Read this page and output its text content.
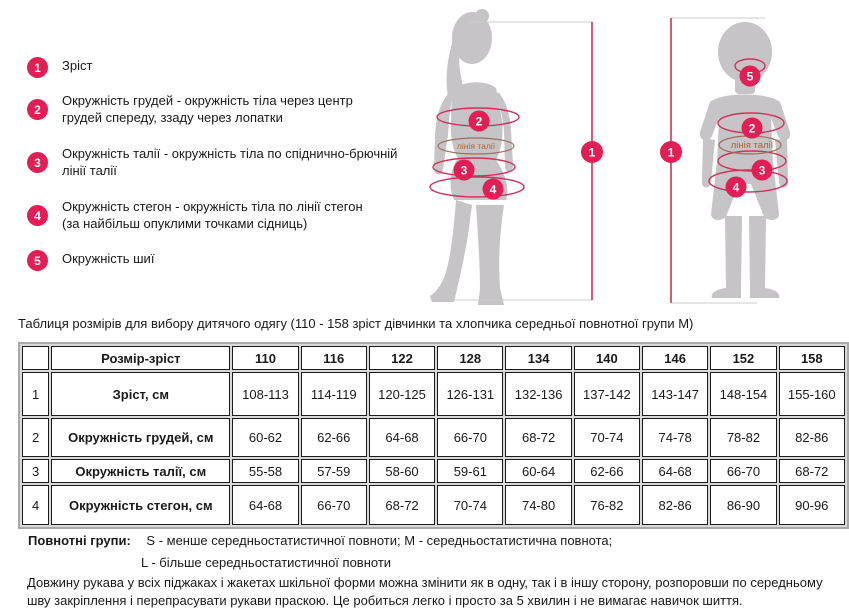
1	Зріст
2
Окружність грудей - окружність тіла через центр
грудей спереду, ззаду через лопатки
3
Окружність талії - окружність тіла по спіднично-брючній
лінії талії
4
Окружність стегон - окружність тіла по лінії стегон
(за найбільш опуклими точками сідниць)
5	Окружність шиї
лінія талії	лінія талії
2
3
4
1	1
5
2
3
4
Таблиця розмірів для вибору дитячого одягу (110 - 158 зріст дівчинки та хлопчика середньої повнотної групи М)
	Розмір-зріст	110	116	122	128	134	140	146	152	158
1	Зріст, см	108-113	114-119	120-125	126-131	132-136	137-142	143-147	148-154	155-160
2	Окружність грудей, см	60-62	62-66	64-68	66-70	68-72	70-74	74-78	78-82	82-86
3	Окружність талії, см	55-58	57-59	58-60	59-61	60-64	62-66	64-68	66-70	68-72
4	Окружність стегон, см	64-68	66-70	68-72	70-74	74-80	76-82	82-86	86-90	90-96
Повнотні групи: S - менше середньостатистичної повноти; M - середньостатистична повнота;
L - більше середньостатистичної повноти
Довжину рукава у всіх піджаках і жакетах шкільної форми можна змінити як в одну, так і в іншу сторону, розпоровши по середньому
шву закріплення і перепрасувати рукави праскою. Це робиться легко і просто за 5 хвилин і не вимагає навичок шиття.
